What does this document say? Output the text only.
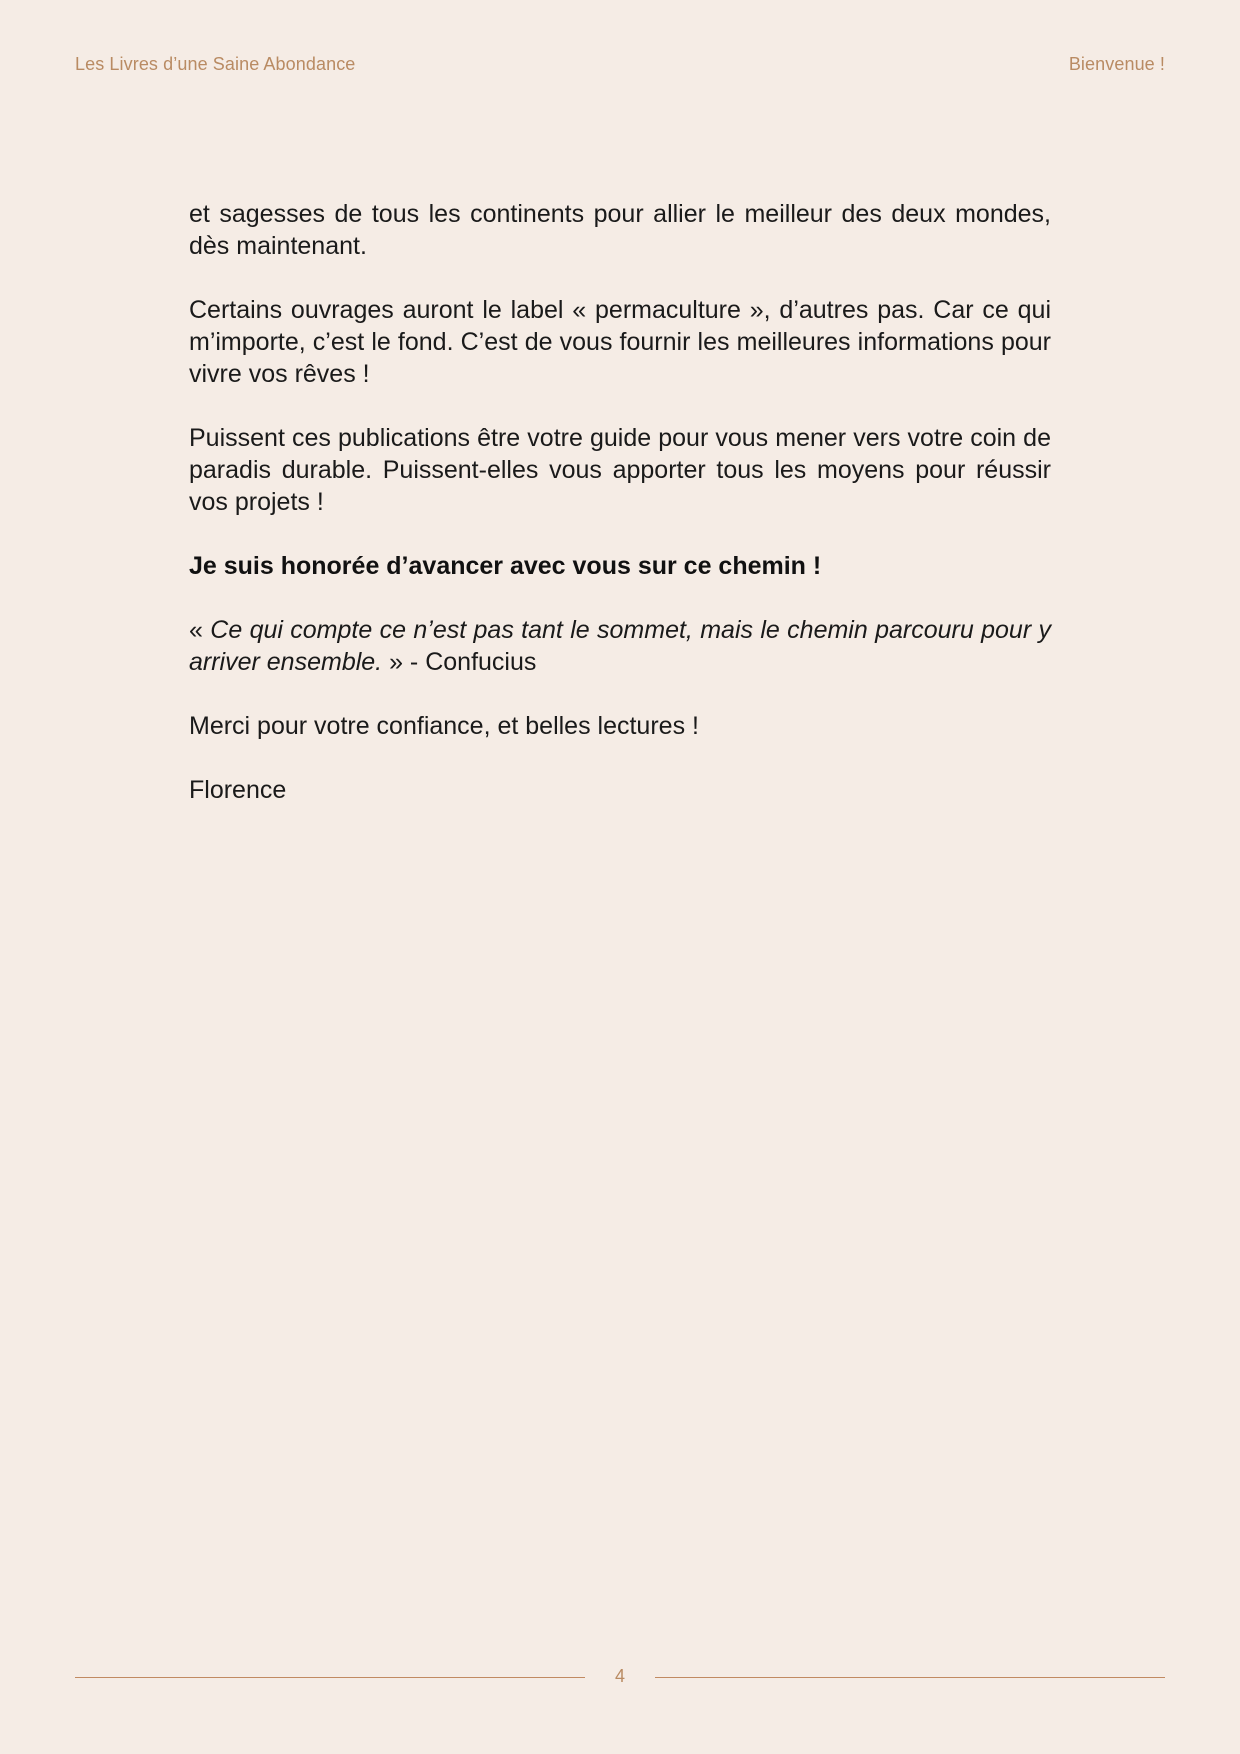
Les Livres d’une Saine Abondance	Bienvenue !

et sagesses de tous les continents pour allier le meilleur des deux mondes, dès maintenant.

Certains ouvrages auront le label « permaculture », d’autres pas. Car ce qui m’importe, c’est le fond. C’est de vous fournir les meilleures informations pour vivre vos rêves !

Puissent ces publications être votre guide pour vous mener vers votre coin de paradis durable. Puissent-elles vous apporter tous les moyens pour réussir vos projets !

Je suis honorée d’avancer avec vous sur ce chemin !

« Ce qui compte ce n’est pas tant le sommet, mais le chemin parcouru pour y arriver ensemble. » - Confucius

Merci pour votre confiance, et belles lectures !

Florence

4
